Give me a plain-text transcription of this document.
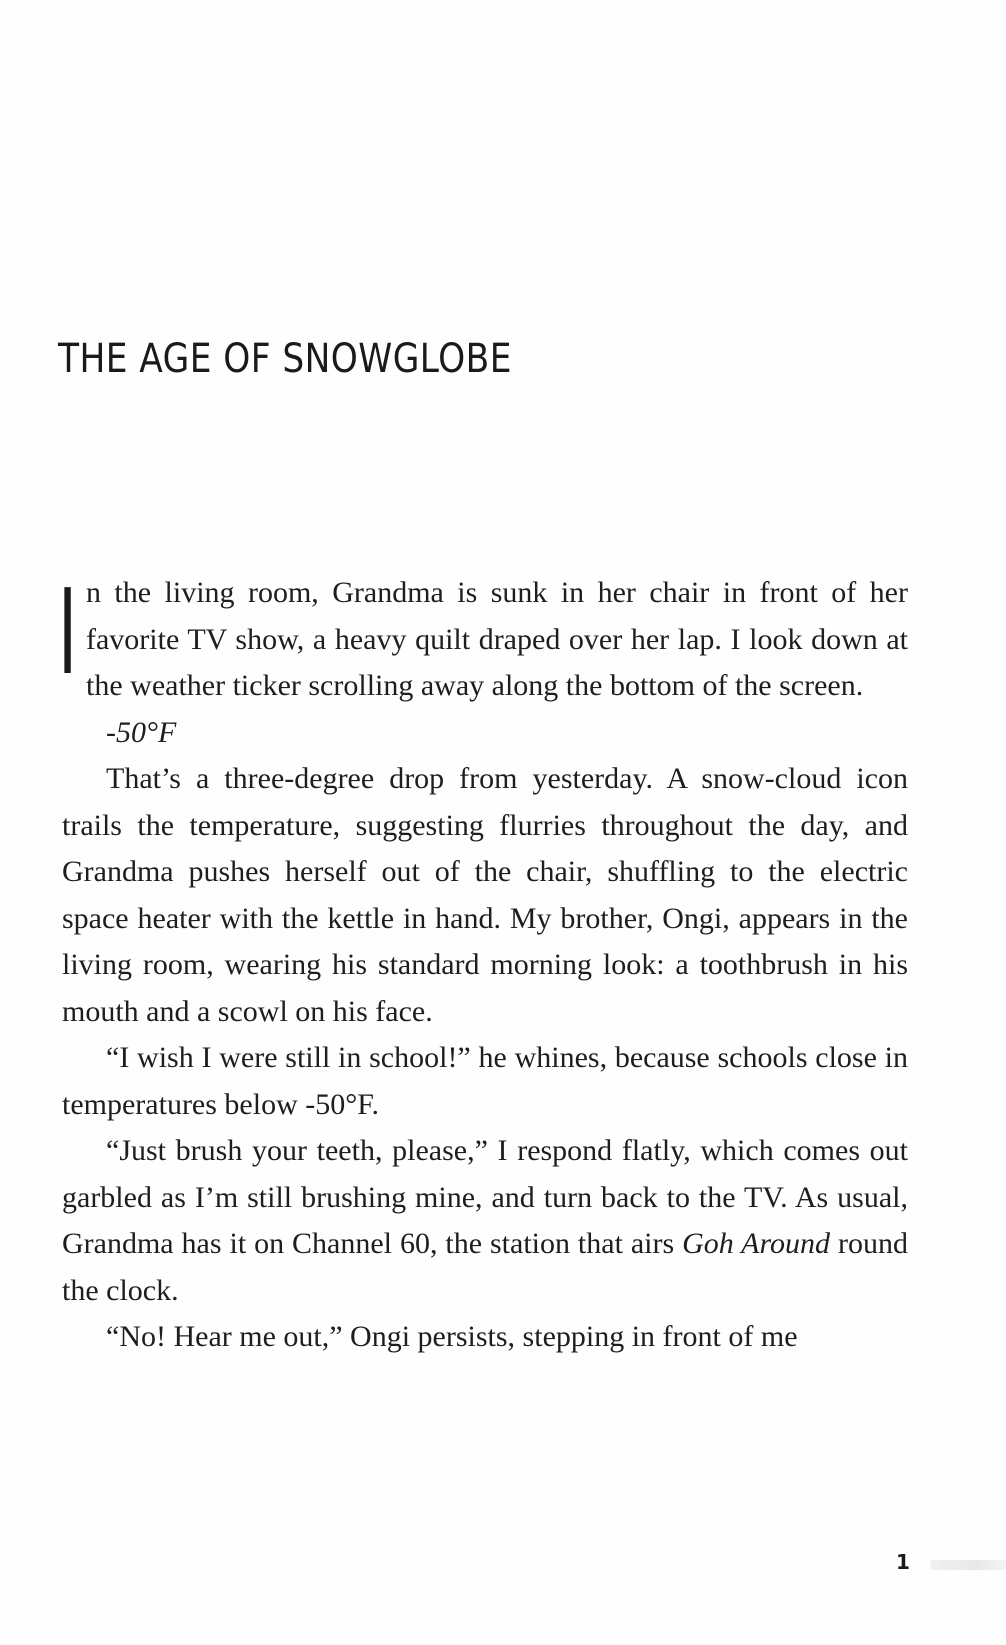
THE AGE OF SNOWGLOBE

In the living room, Grandma is sunk in her chair in front of her favorite TV show, a heavy quilt draped over her lap. I look down at the weather ticker scrolling away along the bottom of the screen.

-50°F

That’s a three-degree drop from yesterday. A snow-cloud icon trails the temperature, suggesting flurries throughout the day, and Grandma pushes herself out of the chair, shuffling to the electric space heater with the kettle in hand. My brother, Ongi, appears in the living room, wearing his standard morning look: a toothbrush in his mouth and a scowl on his face.

“I wish I were still in school!” he whines, because schools close in temperatures below -50°F.

“Just brush your teeth, please,” I respond flatly, which comes out garbled as I’m still brushing mine, and turn back to the TV. As usual, Grandma has it on Channel 60, the station that airs Goh Around round the clock.

“No! Hear me out,” Ongi persists, stepping in front of me

1
